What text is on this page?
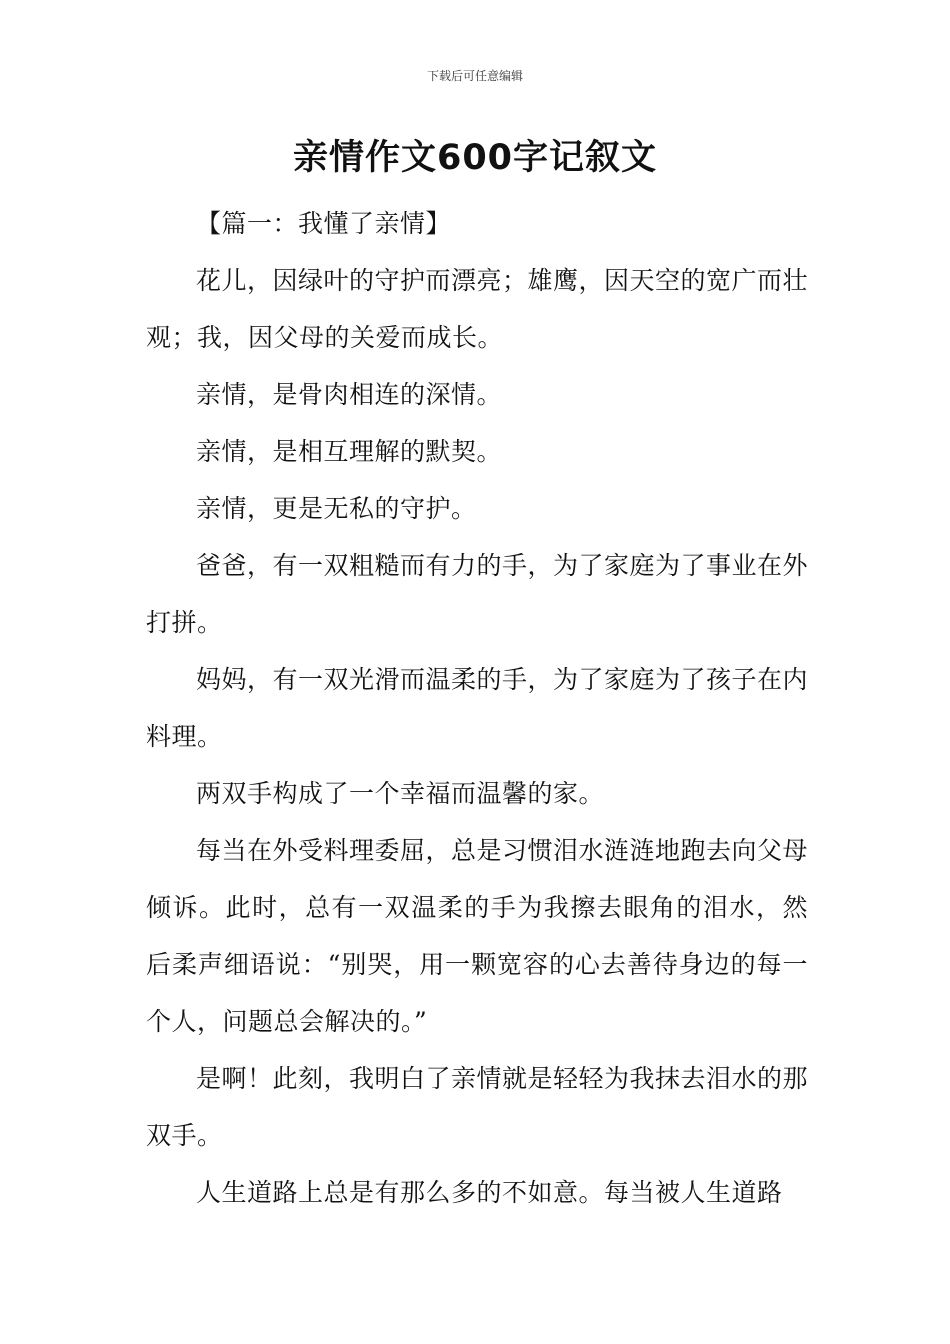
下载后可任意编辑
亲情作文600字记叙文

【篇一：我懂了亲情】

花儿，因绿叶的守护而漂亮；雄鹰，因天空的宽广而壮观；我，因父母的关爱而成长。

亲情，是骨肉相连的深情。

亲情，是相互理解的默契。

亲情，更是无私的守护。

爸爸，有一双粗糙而有力的手，为了家庭为了事业在外打拼。

妈妈，有一双光滑而温柔的手，为了家庭为了孩子在内料理。

两双手构成了一个幸福而温馨的家。

每当在外受料理委屈，总是习惯泪水涟涟地跑去向父母倾诉。此时，总有一双温柔的手为我擦去眼角的泪水，然后柔声细语说：“别哭，用一颗宽容的心去善待身边的每一个人，问题总会解决的。”

是啊！此刻，我明白了亲情就是轻轻为我抹去泪水的那双手。

人生道路上总是有那么多的不如意。每当被人生道路
